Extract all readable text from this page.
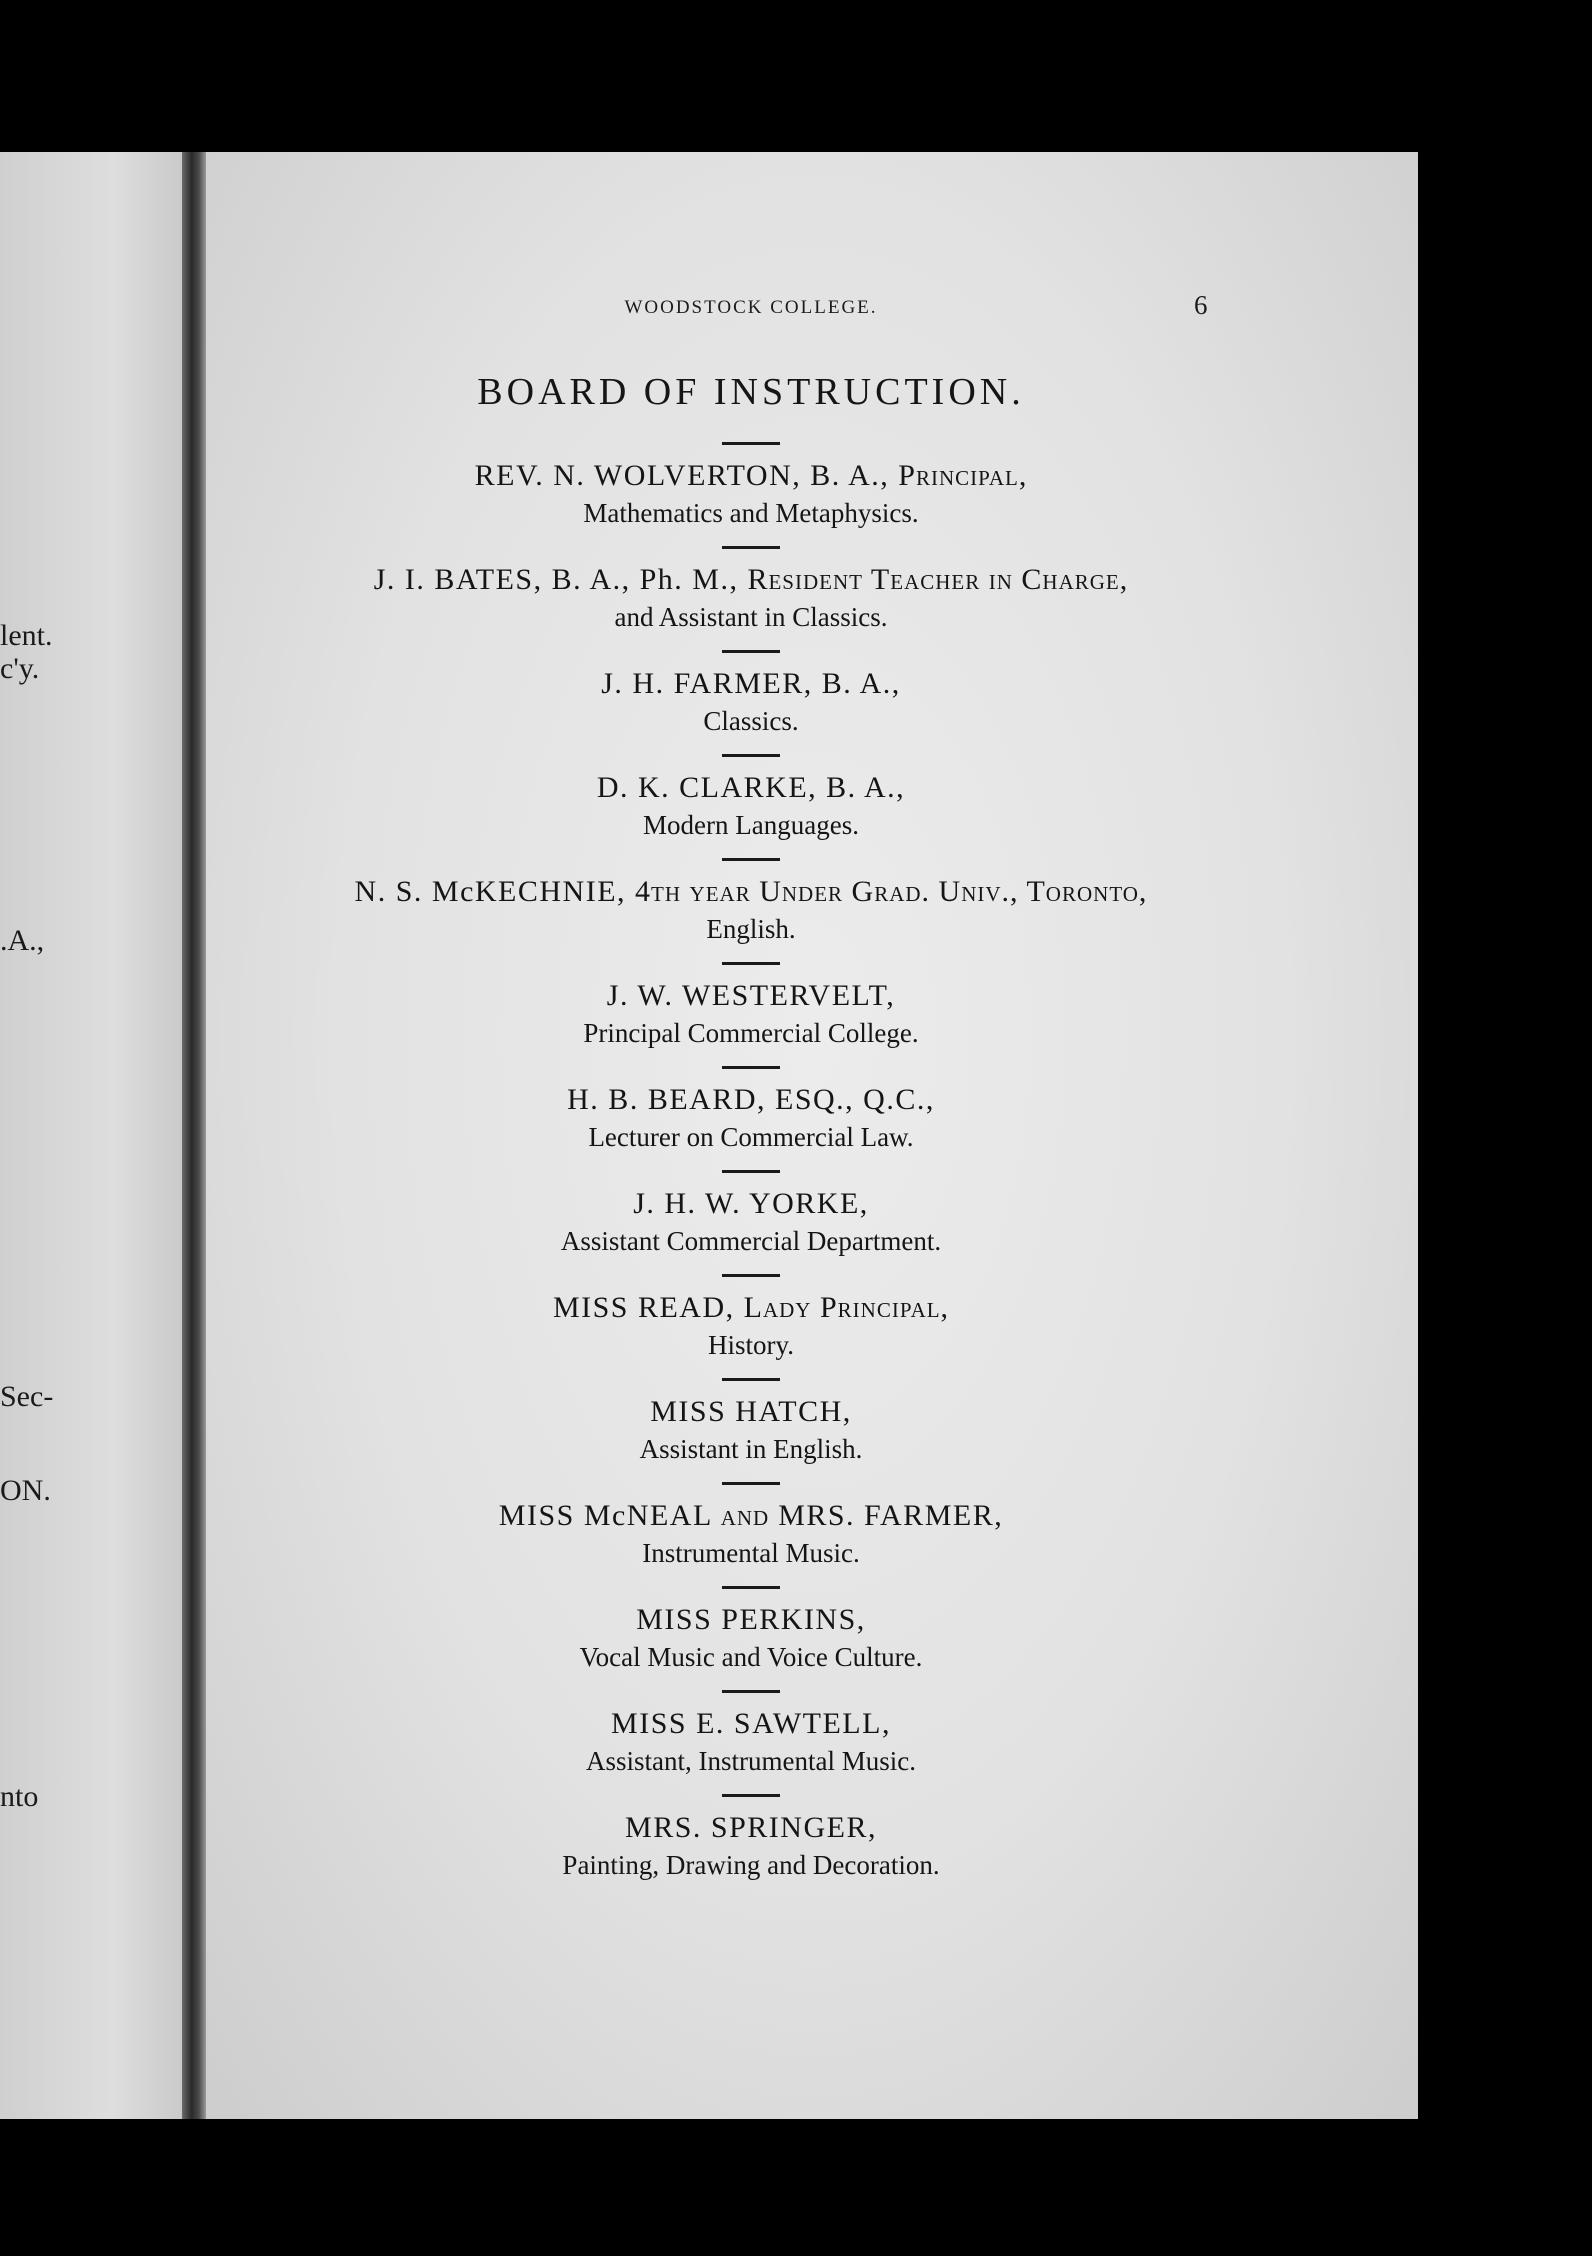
lent.
c'y.
.A.,
Sec-
ON.
nto
WOODSTOCK COLLEGE.	6
BOARD OF INSTRUCTION.
REV. N. WOLVERTON, B. A., Principal,
Mathematics and Metaphysics.
J. I. BATES, B. A., Ph. M., Resident Teacher in Charge,
and Assistant in Classics.
J. H. FARMER, B. A.,
Classics.
D. K. CLARKE, B. A.,
Modern Languages.
N. S. McKECHNIE, 4th year Under Grad. Univ., Toronto,
English.
J. W. WESTERVELT,
Principal Commercial College.
H. B. BEARD, ESQ., Q.C.,
Lecturer on Commercial Law.
J. H. W. YORKE,
Assistant Commercial Department.
MISS READ, Lady Principal,
History.
MISS HATCH,
Assistant in English.
MISS McNEAL and MRS. FARMER,
Instrumental Music.
MISS PERKINS,
Vocal Music and Voice Culture.
MISS E. SAWTELL,
Assistant, Instrumental Music.
MRS. SPRINGER,
Painting, Drawing and Decoration.
